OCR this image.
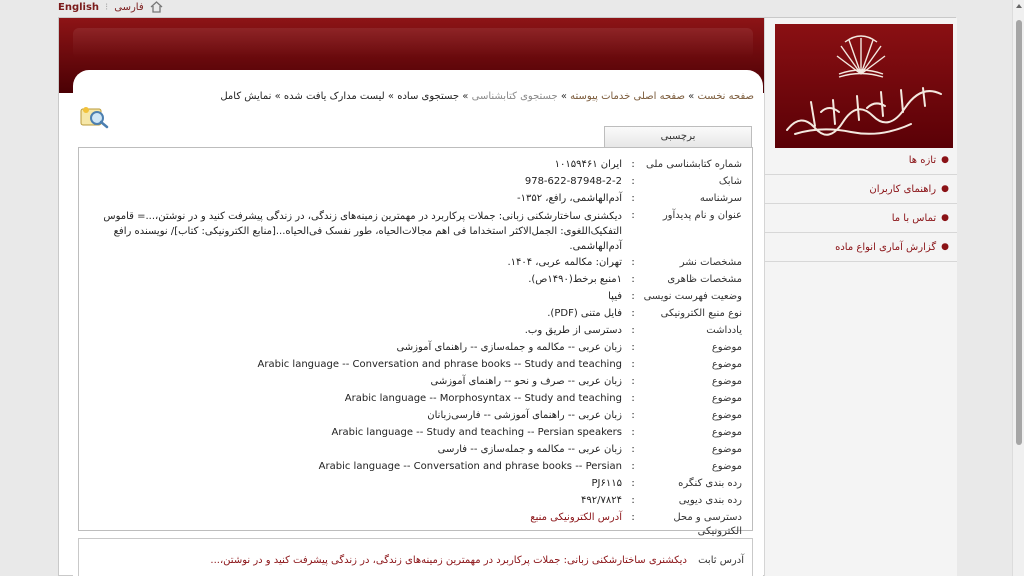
English ⁝ فارسی
●
تازه ها
●
راهنمای کاربران
●
تماس با ما
●
گزارش آماری انواع ماده
صفحه نخست » صفحه اصلی خدمات پیوسته » جستجوی کتابشناسی » جستجوی ساده » لیست مدارک یافت شده » نمایش کامل
برچسبی
شماره کتابشناسی ملی
:
ایران ۱۰۱۵۹۴۶۱
شابک
:
978-622-87948-2-2
سرشناسه
:
آدم‌الهاشمی، رافع، ‏۱۳۵۲-
عنوان و نام پدیدآور
:
دیکشنری ساختارشکنی زبانی: جملات پرکاربرد در مهمترین زمینه‌های زندگی، در زندگی پیشرفت کنید و در نوشتن،...= قاموس التفکیک‌اللغوی: الجمل‌الاکثر استخداما فی اهم مجالات‌الحیاه، طور نفسک فی‌الحیاه...[منابع الکترونیکی: کتاب]/ نویسنده رافع آدم‌الهاشمی.
مشخصات نشر
:
تهران: مکالمه عربی، ‏‫۱۴۰۴.
مشخصات ظاهری
:
۱منبع برخط(۱۴۹۰ص).
وضعیت فهرست نویسی
:
فیپا
نوع منبع الکترونیکی
:
فایل متنی (PDF).
یادداشت
:
دسترسی از طریق وب.
موضوع
:
زبان عربی -- مکالمه و جمله‌سازی -- راهنمای آموزشی
موضوع
:
Arabic language -- Conversation and phrase books -- Study and teaching
موضوع
:
زبان عربی -- صرف و نحو -- راهنمای آموزشی
موضوع
:
Arabic language -- Morphosyntax -- Study and teaching
موضوع
:
زبان عربی -- راهنمای آموزشی -- فارسی‌زبانان
موضوع
:
Arabic language -- Study and teaching -- Persian speakers
موضوع
:
زبان عربی -- مکالمه و جمله‌سازی -- فارسی
موضوع
:
Arabic language -- Conversation and phrase books -- Persian
رده بندی کنگره
:
PJ۶۱۱۵
رده بندی دیویی
:
۴۹۲/۷۸۲۴
دسترسی و محل الکترونیکی
:
آدرس الکترونیکی منبع
آدرس ثابت دیکشنری ساختارشکنی زبانی: جملات پرکاربرد در مهمترین زمینه‌های زندگی، در زندگی پیشرفت کنید و در نوشتن،...
